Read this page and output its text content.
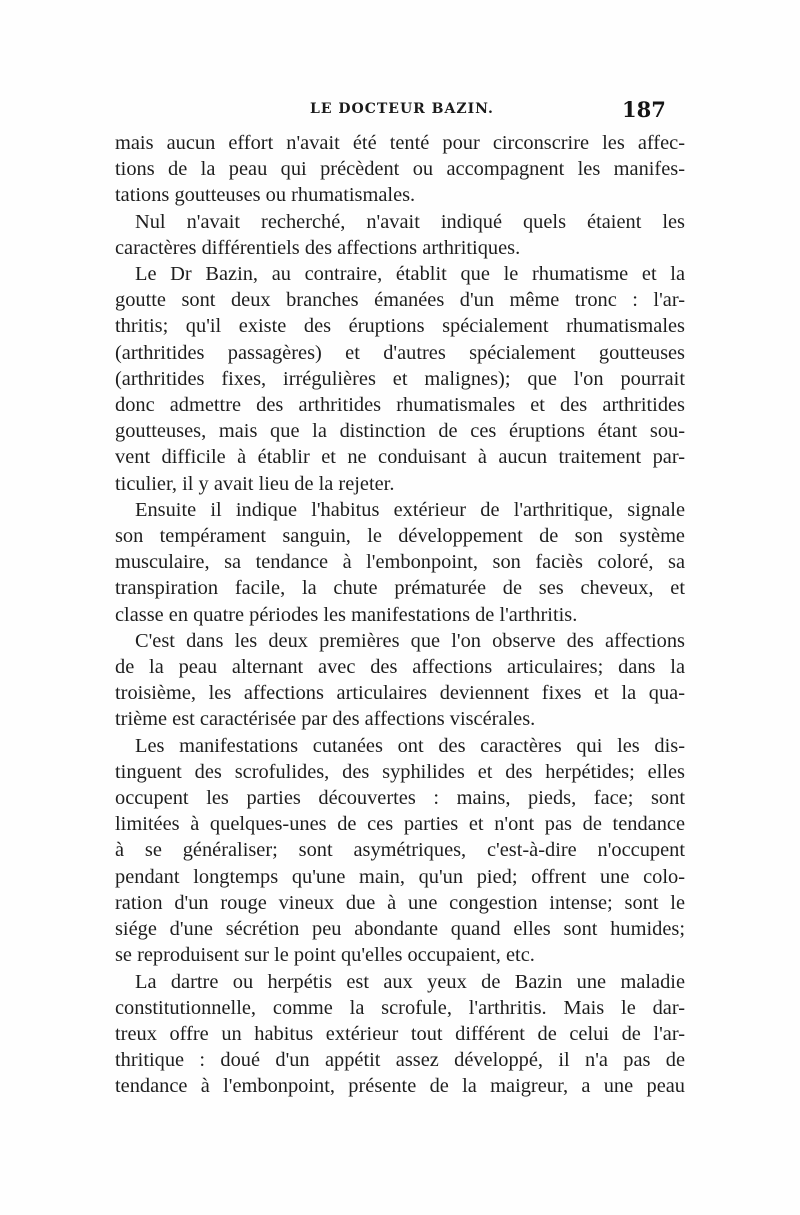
LE DOCTEUR BAZIN.	187

mais aucun effort n'avait été tenté pour circonscrire les affec-
tions de la peau qui précèdent ou accompagnent les manifes-
tations goutteuses ou rhumatismales.

Nul n'avait recherché, n'avait indiqué quels étaient les
caractères différentiels des affections arthritiques.

Le Dr Bazin, au contraire, établit que le rhumatisme et la
goutte sont deux branches émanées d'un même tronc : l'ar-
thritis; qu'il existe des éruptions spécialement rhumatismales
(arthritides passagères) et d'autres spécialement goutteuses
(arthritides fixes, irrégulières et malignes); que l'on pourrait
donc admettre des arthritides rhumatismales et des arthritides
goutteuses, mais que la distinction de ces éruptions étant sou-
vent difficile à établir et ne conduisant à aucun traitement par-
ticulier, il y avait lieu de la rejeter.

Ensuite il indique l'habitus extérieur de l'arthritique, signale
son tempérament sanguin, le développement de son système
musculaire, sa tendance à l'embonpoint, son faciès coloré, sa
transpiration facile, la chute prématurée de ses cheveux, et
classe en quatre périodes les manifestations de l'arthritis.

C'est dans les deux premières que l'on observe des affections
de la peau alternant avec des affections articulaires; dans la
troisième, les affections articulaires deviennent fixes et la qua-
trième est caractérisée par des affections viscérales.

Les manifestations cutanées ont des caractères qui les dis-
tinguent des scrofulides, des syphilides et des herpétides; elles
occupent les parties découvertes : mains, pieds, face; sont
limitées à quelques-unes de ces parties et n'ont pas de tendance
à se généraliser; sont asymétriques, c'est-à-dire n'occupent
pendant longtemps qu'une main, qu'un pied; offrent une colo-
ration d'un rouge vineux due à une congestion intense; sont le
siége d'une sécrétion peu abondante quand elles sont humides;
se reproduisent sur le point qu'elles occupaient, etc.

La dartre ou herpétis est aux yeux de Bazin une maladie
constitutionnelle, comme la scrofule, l'arthritis. Mais le dar-
treux offre un habitus extérieur tout différent de celui de l'ar-
thritique : doué d'un appétit assez développé, il n'a pas de
tendance à l'embonpoint, présente de la maigreur, a une peau
